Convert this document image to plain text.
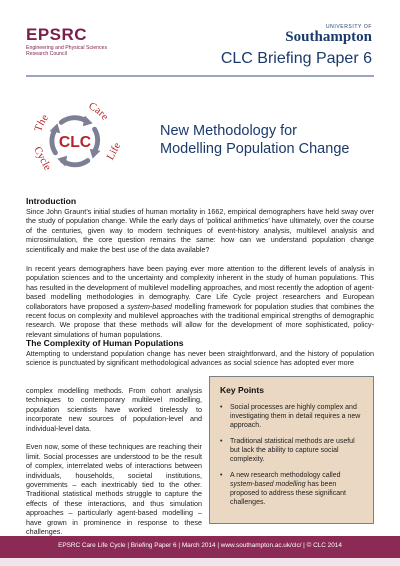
EPSRC
Engineering and Physical Sciences
Research Council
UNIVERSITY OF
Southampton
CLC Briefing Paper 6
CLC
The
Care
Life
Cycle
New Methodology for
Modelling Population Change
Introduction
Since John Graunt’s initial studies of human mortality in 1662, empirical demographers have held sway over the study of population change. While the early days of ‘political arithmetics’ have ultimately, over the course of the centuries, given way to modern techniques of event-history analysis, multilevel analysis and microsimulation, the core question remains the same: how can we understand population change scientifically and make the best use of the data available?
In recent years demographers have been paying ever more attention to the different levels of analysis in population sciences and to the uncertainty and complexity inherent in the study of human populations. This has resulted in the development of multilevel modelling approaches, and most recently the adoption of agent-based modelling methodologies in demography. Care Life Cycle project researchers and European collaborators have proposed a system-based modelling framework for population studies that combines the recent focus on complexity and multilevel approaches with the traditional empirical strengths of demographic research. We propose that these methods will allow for the development of more sophisticated, policy-relevant simulations of human populations.
The Complexity of Human Populations
Attempting to understand population change has never been straightforward, and the history of population science is punctuated by significant methodological advances as social science has adopted ever more

complex modelling methods. From cohort analysis techniques to contemporary multilevel modelling, population scientists have worked tirelessly to incorporate new sources of population-level and individual-level data.

Even now, some of these techniques are reaching their limit. Social processes are understood to be the result of complex, interrelated webs of interactions between individuals, households, societal institutions, governments – each inextricably tied to the other. Traditional statistical methods struggle to capture the effects of these interactions, and thus simulation approaches – particularly agent-based modelling – have grown in prominence in response to these challenges.

Key Points
• Social processes are highly complex and investigating them in detail requires a new approach.
• Traditional statistical methods are useful but lack the ability to capture social complexity.
• A new research methodology called system-based modelling has been proposed to address these significant challenges.
EPSRC Care Life Cycle | Briefing Paper 6 | March 2014 | www.southampton.ac.uk/clc/ | © CLC 2014
